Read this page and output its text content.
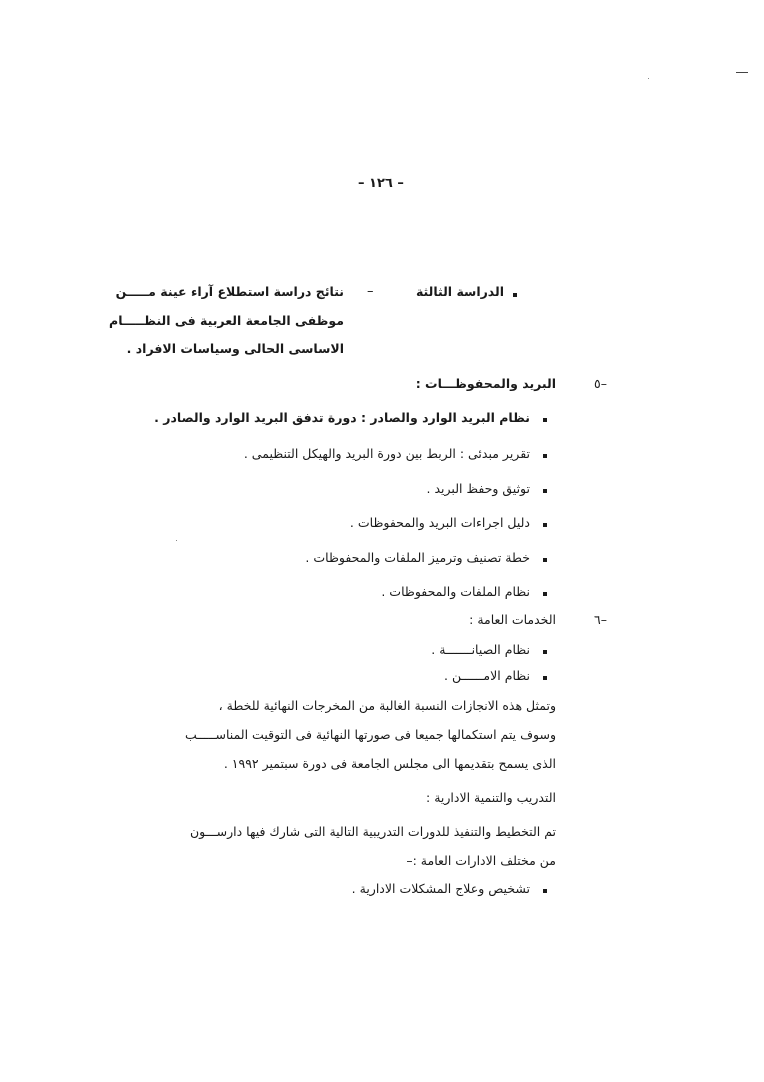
– ١٢٦ –
الدراسة الثالثة
–
نتائج دراسة استطلاع آراء عينة مـــــن
موظفى الجامعة العربية فى النظـــــام
الاساسى الحالى وسياسات الافراد .
٥–
البريد والمحفوظـــات :
نظام البريد الوارد والصادر : دورة تدفق البريد الوارد والصادر .
تقرير مبدئى : الربط بين دورة البريد والهيكل التنظيمى .
توثيق وحفظ البريد .
دليل اجراءات البريد والمحفوظات .
خطة تصنيف وترميز الملفات والمحفوظات .
نظام الملفات والمحفوظات .
٦–
الخدمات العامة :
نظام الصيانـــــــة .
نظام الامــــــن .
وتمثل هذه الانجازات النسبة الغالبة من المخرجات النهائية للخطة ،
وسوف يتم استكمالها جميعا فى صورتها النهائية فى التوقيت المناســـــب
الذى يسمح بتقديمها الى مجلس الجامعة فى دورة سبتمير ١٩٩٢ .
التدريب والتنمية الادارية :
تم التخطيط والتنفيذ للدورات التدريبية التالية التى شارك فيها دارســـون
من مختلف الادارات العامة :–
تشخيص وعلاج المشكلات الادارية .
